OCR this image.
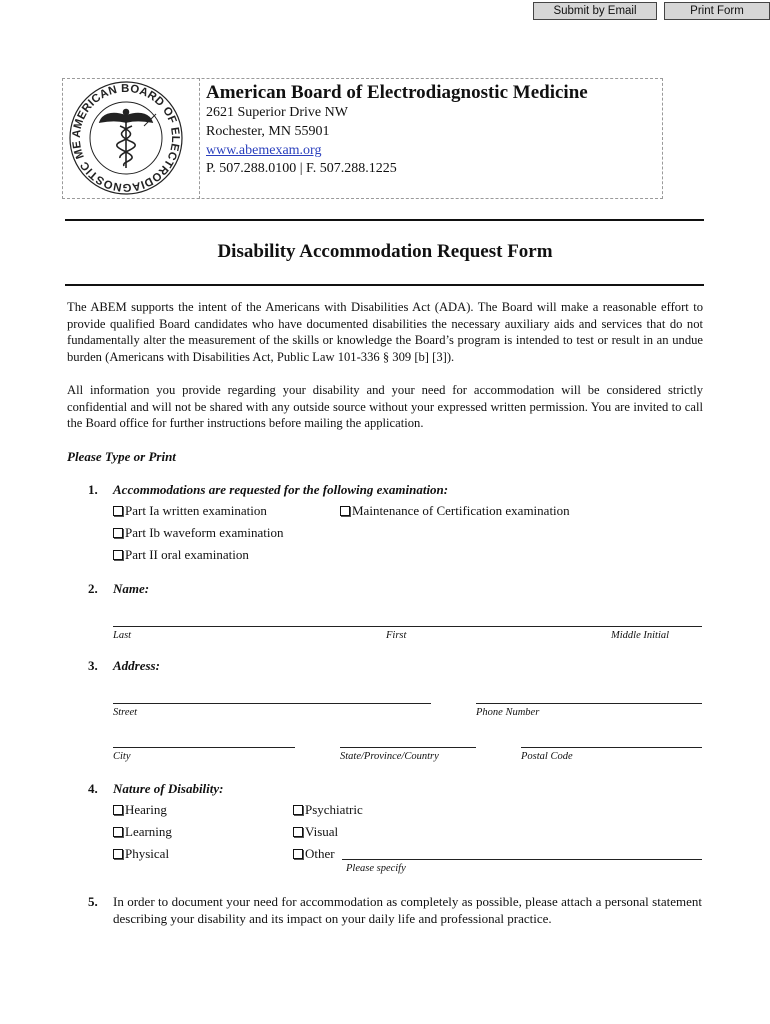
Submit by Email	Print Form
AMERICAN BOARD OF ELECTRODIAGNOSTIC ME
American Board of Electrodiagnostic Medicine
2621 Superior Drive NW
Rochester, MN 55901
www.abemexam.org
P. 507.288.0100 | F. 507.288.1225
Disability Accommodation Request Form
The ABEM supports the intent of the Americans with Disabilities Act (ADA). The Board will make a reasonable effort to provide qualified Board candidates who have documented disabilities the necessary auxiliary aids and services that do not fundamentally alter the measurement of the skills or knowledge the Board’s program is intended to test or result in an undue burden (Americans with Disabilities Act, Public Law 101-336 § 309 [b] [3]).
All information you provide regarding your disability and your need for accommodation will be considered strictly confidential and will not be shared with any outside source without your expressed written permission. You are invited to call the Board office for further instructions before mailing the application.
Please Type or Print
1. Accommodations are requested for the following examination:
Part Ia written examination	Maintenance of Certification examination
Part Ib waveform examination
Part II oral examination
2. Name:
Last	First	Middle Initial
3. Address:
Street	Phone Number
City	State/Province/Country	Postal Code
4. Nature of Disability:
Hearing	Psychiatric
Learning	Visual
Physical	Other
Please specify
5. In order to document your need for accommodation as completely as possible, please attach a personal statement describing your disability and its impact on your daily life and professional practice.
